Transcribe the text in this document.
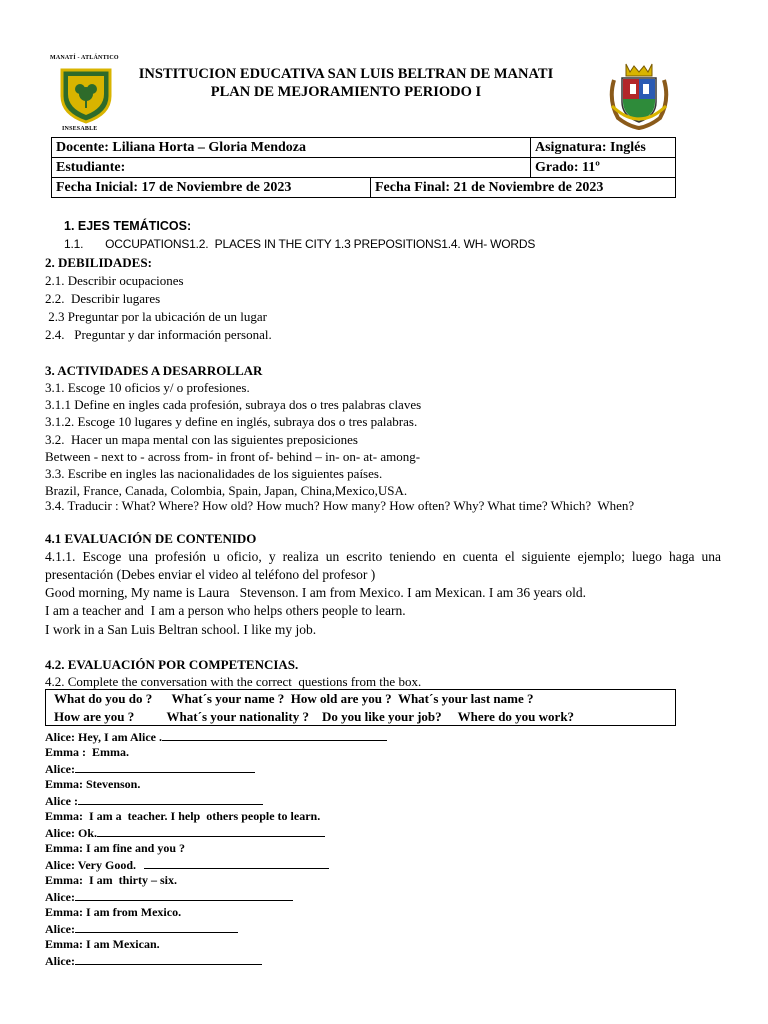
MANATÍ - ATLÁNTICO
INSESABLE
INSTITUCION EDUCATIVA SAN LUIS BELTRAN DE MANATI
PLAN DE MEJORAMIENTO PERIODO I
Docente: Liliana Horta – Gloria Mendoza		Asignatura: Inglés
Estudiante:		Grado: 11º
Fecha Inicial: 17 de Noviembre de 2023	Fecha Final: 21 de Noviembre de 2023	
1. EJES TEMÁTICOS:
1.1.       OCCUPATIONS1.2.  PLACES IN THE CITY 1.3 PREPOSITIONS1.4. WH- WORDS
2. DEBILIDADES:
2.1. Describir ocupaciones
2.2.  Describir lugares
2.3 Preguntar por la ubicación de un lugar
2.4.   Preguntar y dar información personal.
3. ACTIVIDADES A DESARROLLAR
3.1. Escoge 10 oficios y/ o profesiones.
3.1.1 Define en ingles cada profesión, subraya dos o tres palabras claves
3.1.2. Escoge 10 lugares y define en inglés, subraya dos o tres palabras.
3.2.  Hacer un mapa mental con las siguientes preposiciones
Between - next to - across from- in front of- behind – in- on- at- among-
3.3. Escribe en ingles las nacionalidades de los siguientes países.
Brazil, France, Canada, Colombia, Spain, Japan, China,Mexico,USA.
3.4. Traducir : What? Where? How old? How much? How many? How often? Why? What time? Which?  When?
4.1 EVALUACIÓN DE CONTENIDO
4.1.1. Escoge una profesión u oficio, y realiza un escrito teniendo en cuenta el siguiente ejemplo; luego haga una
presentación (Debes enviar el video al teléfono del profesor )
Good morning, My name is Laura   Stevenson. I am from Mexico. I am Mexican. I am 36 years old.
I am a teacher and  I am a person who helps others people to learn.
I work in a San Luis Beltran school. I like my job.
4.2. EVALUACIÓN POR COMPETENCIAS.
4.2. Complete the conversation with the correct  questions from the box.
What do you do ?      What´s your name ?  How old are you ?  What´s your last name ?
How are you ?          What´s your nationality ?    Do you like your job?     Where do you work?
Alice: Hey, I am Alice .
Emma :  Emma.
Alice:
Emma: Stevenson.
Alice :
Emma:  I am a  teacher. I help  others people to learn.
Alice: Ok.
Emma: I am fine and you ?
Alice: Very Good.
Emma:  I am  thirty – six.
Alice:
Emma: I am from Mexico.
Alice:
Emma: I am Mexican.
Alice:
